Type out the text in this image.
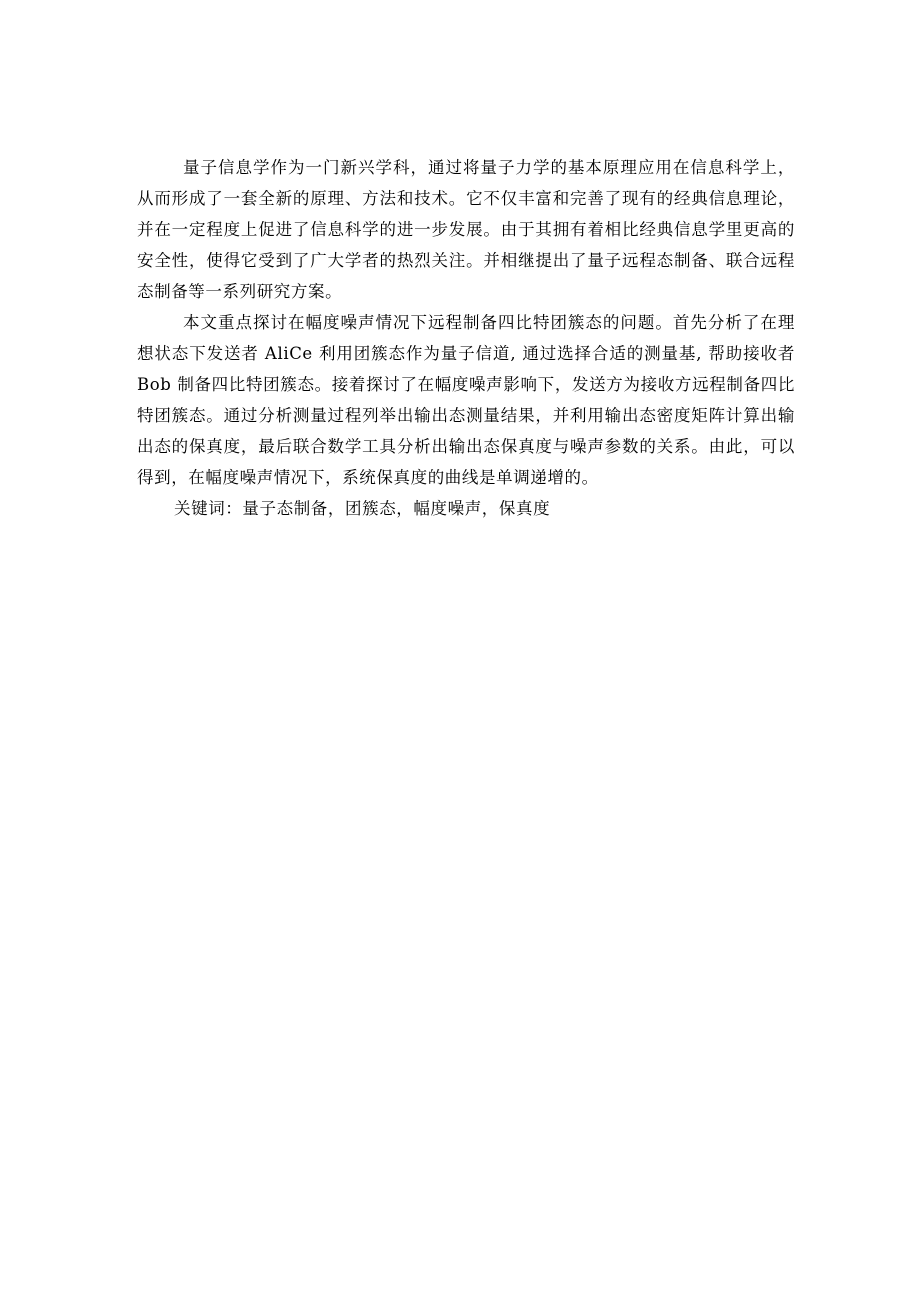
量子信息学作为一门新兴学科，通过将量子力学的基本原理应用在信息科学上，从而形成了一套全新的原理、方法和技术。它不仅丰富和完善了现有的经典信息理论，并在一定程度上促进了信息科学的进一步发展。由于其拥有着相比经典信息学里更高的安全性，使得它受到了广大学者的热烈关注。并相继提出了量子远程态制备、联合远程态制备等一系列研究方案。

本文重点探讨在幅度噪声情况下远程制备四比特团簇态的问题。首先分析了在理想状态下发送者 AliCe 利用团簇态作为量子信道, 通过选择合适的测量基, 帮助接收者 Bob 制备四比特团簇态。接着探讨了在幅度噪声影响下，发送方为接收方远程制备四比特团簇态。通过分析测量过程列举出输出态测量结果，并利用输出态密度矩阵计算出输出态的保真度，最后联合数学工具分析出输出态保真度与噪声参数的关系。由此，可以得到，在幅度噪声情况下，系统保真度的曲线是单调递增的。

关键词：量子态制备，团簇态，幅度噪声，保真度
